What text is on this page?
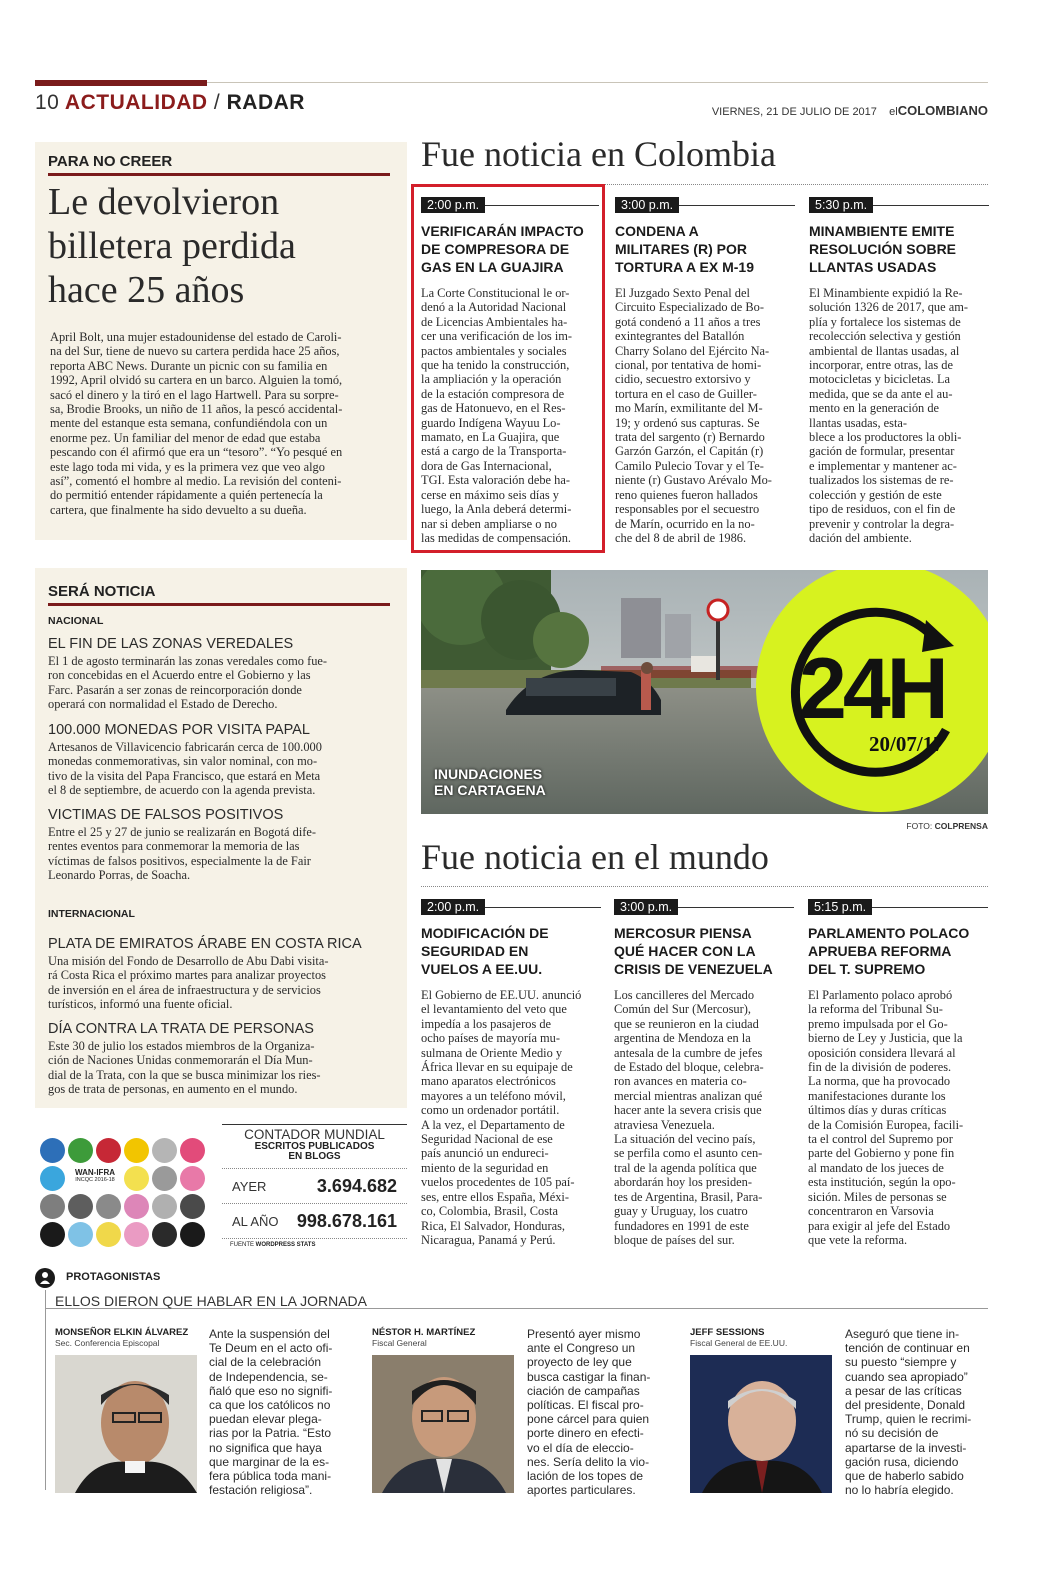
10 ACTUALIDAD / RADAR	VIERNES, 21 DE JULIO DE 2017 elCOLOMBIANO
PARA NO CREER
Le devolvieron
billetera perdida
hace 25 años
April Bolt, una mujer estadounidense del estado de Caroli-
na del Sur, tiene de nuevo su cartera perdida hace 25 años,
reporta ABC News. Durante un picnic con su familia en
1992, April olvidó su cartera en un barco. Alguien la tomó,
sacó el dinero y la tiró en el lago Hartwell. Para su sorpre-
sa, Brodie Brooks, un niño de 11 años, la pescó accidental-
mente del estanque esta semana, confundiéndola con un
enorme pez. Un familiar del menor de edad que estaba
pescando con él afirmó que era un “tesoro”. “Yo pesqué en
este lago toda mi vida, y es la primera vez que veo algo
así”, comentó el hombre al medio. La revisión del conteni-
do permitió entender rápidamente a quién pertenecía la
cartera, que finalmente ha sido devuelto a su dueña.
Fue noticia en Colombia
2:00 p.m.
VERIFICARÁN IMPACTO
DE COMPRESORA DE
GAS EN LA GUAJIRA
La Corte Constitucional le or-
denó a la Autoridad Nacional
de Licencias Ambientales ha-
cer una verificación de los im-
pactos ambientales y sociales
que ha tenido la construcción,
la ampliación y la operación
de la estación compresora de
gas de Hatonuevo, en el Res-
guardo Indígena Wayuu Lo-
mamato, en La Guajira, que
está a cargo de la Transporta-
dora de Gas Internacional,
TGI. Esta valoración debe ha-
cerse en máximo seis días y
luego, la Anla deberá determi-
nar si deben ampliarse o no
las medidas de compensación.
3:00 p.m.
CONDENA A
MILITARES (R) POR
TORTURA A EX M-19
El Juzgado Sexto Penal del
Circuito Especializado de Bo-
gotá condenó a 11 años a tres
exintegrantes del Batallón
Charry Solano del Ejército Na-
cional, por tentativa de homi-
cidio, secuestro extorsivo y
tortura en el caso de Guiller-
mo Marín, exmilitante del M-
19; y ordenó sus capturas. Se
trata del sargento (r) Bernardo
Garzón Garzón, el Capitán (r)
Camilo Pulecio Tovar y el Te-
niente (r) Gustavo Arévalo Mo-
reno quienes fueron hallados
responsables por el secuestro
de Marín, ocurrido en la no-
che del 8 de abril de 1986.
5:30 p.m.
MINAMBIENTE EMITE
RESOLUCIÓN SOBRE
LLANTAS USADAS
El Minambiente expidió la Re-
solución 1326 de 2017, que am-
plía y fortalece los sistemas de
recolección selectiva y gestión
ambiental de llantas usadas, al
incorporar, entre otras, las de
motocicletas y bicicletas. La
medida, que se da ante el au-
mento en la generación de
llantas usadas, esta-
blece a los productores la obli-
gación de formular, presentar
e implementar y mantener ac-
tualizados los sistemas de re-
colección y gestión de este
tipo de residuos, con el fin de
prevenir y controlar la degra-
dación del ambiente.
SERÁ NOTICIA
NACIONAL
EL FIN DE LAS ZONAS VEREDALES
El 1 de agosto terminarán las zonas veredales como fue-
ron concebidas en el Acuerdo entre el Gobierno y las
Farc. Pasarán a ser zonas de reincorporación donde
operará con normalidad el Estado de Derecho.
100.000 MONEDAS POR VISITA PAPAL
Artesanos de Villavicencio fabricarán cerca de 100.000
monedas conmemorativas, sin valor nominal, con mo-
tivo de la visita del Papa Francisco, que estará en Meta
el 8 de septiembre, de acuerdo con la agenda prevista.
VICTIMAS DE FALSOS POSITIVOS
Entre el 25 y 27 de junio se realizarán en Bogotá dife-
rentes eventos para conmemorar la memoria de las
víctimas de falsos positivos, especialmente la de Fair
Leonardo Porras, de Soacha.
INTERNACIONAL
PLATA DE EMIRATOS ÁRABE EN COSTA RICA
Una misión del Fondo de Desarrollo de Abu Dabi visita-
rá Costa Rica el próximo martes para analizar proyectos
de inversión en el área de infraestructura y de servicios
turísticos, informó una fuente oficial.
DÍA CONTRA LA TRATA DE PERSONAS
Este 30 de julio los estados miembros de la Organiza-
ción de Naciones Unidas conmemorarán el Día Mun-
dial de la Trata, con la que se busca minimizar los ries-
gos de trata de personas, en aumento en el mundo.
24H
20/07/17
INUNDACIONES
EN CARTAGENA
FOTO: COLPRENSA
Fue noticia en el mundo
2:00 p.m.
MODIFICACIÓN DE
SEGURIDAD EN
VUELOS A EE.UU.
El Gobierno de EE.UU. anunció
el levantamiento del veto que
impedía a los pasajeros de
ocho países de mayoría mu-
sulmana de Oriente Medio y
África llevar en su equipaje de
mano aparatos electrónicos
mayores a un teléfono móvil,
como un ordenador portátil.
A la vez, el Departamento de
Seguridad Nacional de ese
país anunció un endureci-
miento de la seguridad en
vuelos procedentes de 105 paí-
ses, entre ellos España, Méxi-
co, Colombia, Brasil, Costa
Rica, El Salvador, Honduras,
Nicaragua, Panamá y Perú.
3:00 p.m.
MERCOSUR PIENSA
QUÉ HACER CON LA
CRISIS DE VENEZUELA
Los cancilleres del Mercado
Común del Sur (Mercosur),
que se reunieron en la ciudad
argentina de Mendoza en la
antesala de la cumbre de jefes
de Estado del bloque, celebra-
ron avances en materia co-
mercial mientras analizan qué
hacer ante la severa crisis que
atraviesa Venezuela.
La situación del vecino país,
se perfila como el asunto cen-
tral de la agenda política que
abordarán hoy los presiden-
tes de Argentina, Brasil, Para-
guay y Uruguay, los cuatro
fundadores en 1991 de este
bloque de países del sur.
5:15 p.m.
PARLAMENTO POLACO
APRUEBA REFORMA
DEL T. SUPREMO
El Parlamento polaco aprobó
la reforma del Tribunal Su-
premo impulsada por el Go-
bierno de Ley y Justicia, que la
oposición considera llevará al
fin de la división de poderes.
La norma, que ha provocado
manifestaciones durante los
últimos días y duras críticas
de la Comisión Europea, facili-
ta el control del Supremo por
parte del Gobierno y pone fin
al mandato de los jueces de
esta institución, según la opo-
sición. Miles de personas se
concentraron en Varsovia
para exigir al jefe del Estado
que vete la reforma.
WAN-IFRA
INCQC 2016-18
CONTADOR MUNDIAL
ESCRITOS PUBLICADOS
EN BLOGS
AYER	3.694.682
AL AÑO 998.678.161
FUENTE WORDPRESS STATS
PROTAGONISTAS
ELLOS DIERON QUE HABLAR EN LA JORNADA
MONSEÑOR ELKIN ÁLVAREZ
Sec. Conferencia Episcopal
Ante la suspensión del
Te Deum en el acto ofi-
cial de la celebración
de Independencia, se-
ñaló que eso no signifi-
ca que los católicos no
puedan elevar plega-
rias por la Patria. “Esto
no significa que haya
que marginar de la es-
fera pública toda mani-
festación religiosa”.
NÉSTOR H. MARTÍNEZ
Fiscal General
Presentó ayer mismo
ante el Congreso un
proyecto de ley que
busca castigar la finan-
ciación de campañas
políticas. El fiscal pro-
pone cárcel para quien
porte dinero en efecti-
vo el día de eleccio-
nes. Sería delito la vio-
lación de los topes de
aportes particulares.
JEFF SESSIONS
Fiscal General de EE.UU.
Aseguró que tiene in-
tención de continuar en
su puesto “siempre y
cuando sea apropiado”
a pesar de las críticas
del presidente, Donald
Trump, quien le recrimi-
nó su decisión de
apartarse de la investi-
gación rusa, diciendo
que de haberlo sabido
no lo habría elegido.
